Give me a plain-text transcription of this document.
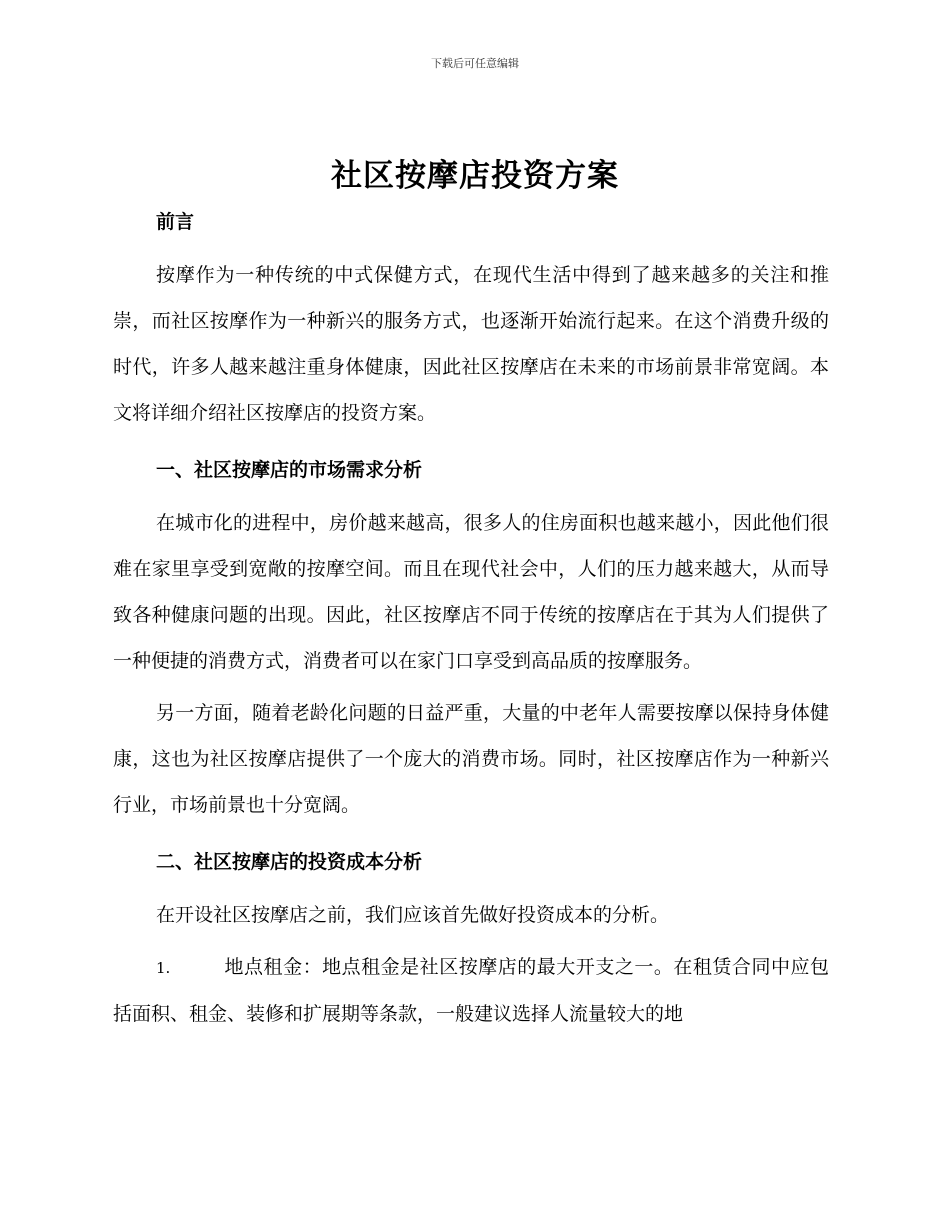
下载后可任意编辑
社区按摩店投资方案
前言

按摩作为一种传统的中式保健方式，在现代生活中得到了越来越多的关注和推崇，而社区按摩作为一种新兴的服务方式，也逐渐开始流行起来。在这个消费升级的时代，许多人越来越注重身体健康，因此社区按摩店在未来的市场前景非常宽阔。本文将详细介绍社区按摩店的投资方案。

一、社区按摩店的市场需求分析

在城市化的进程中，房价越来越高，很多人的住房面积也越来越小，因此他们很难在家里享受到宽敞的按摩空间。而且在现代社会中，人们的压力越来越大，从而导致各种健康问题的出现。因此，社区按摩店不同于传统的按摩店在于其为人们提供了一种便捷的消费方式，消费者可以在家门口享受到高品质的按摩服务。

另一方面，随着老龄化问题的日益严重，大量的中老年人需要按摩以保持身体健康，这也为社区按摩店提供了一个庞大的消费市场。同时，社区按摩店作为一种新兴行业，市场前景也十分宽阔。

二、社区按摩店的投资成本分析

在开设社区按摩店之前，我们应该首先做好投资成本的分析。

1.	地点租金：地点租金是社区按摩店的最大开支之一。在租赁合同中应包括面积、租金、装修和扩展期等条款，一般建议选择人流量较大的地
